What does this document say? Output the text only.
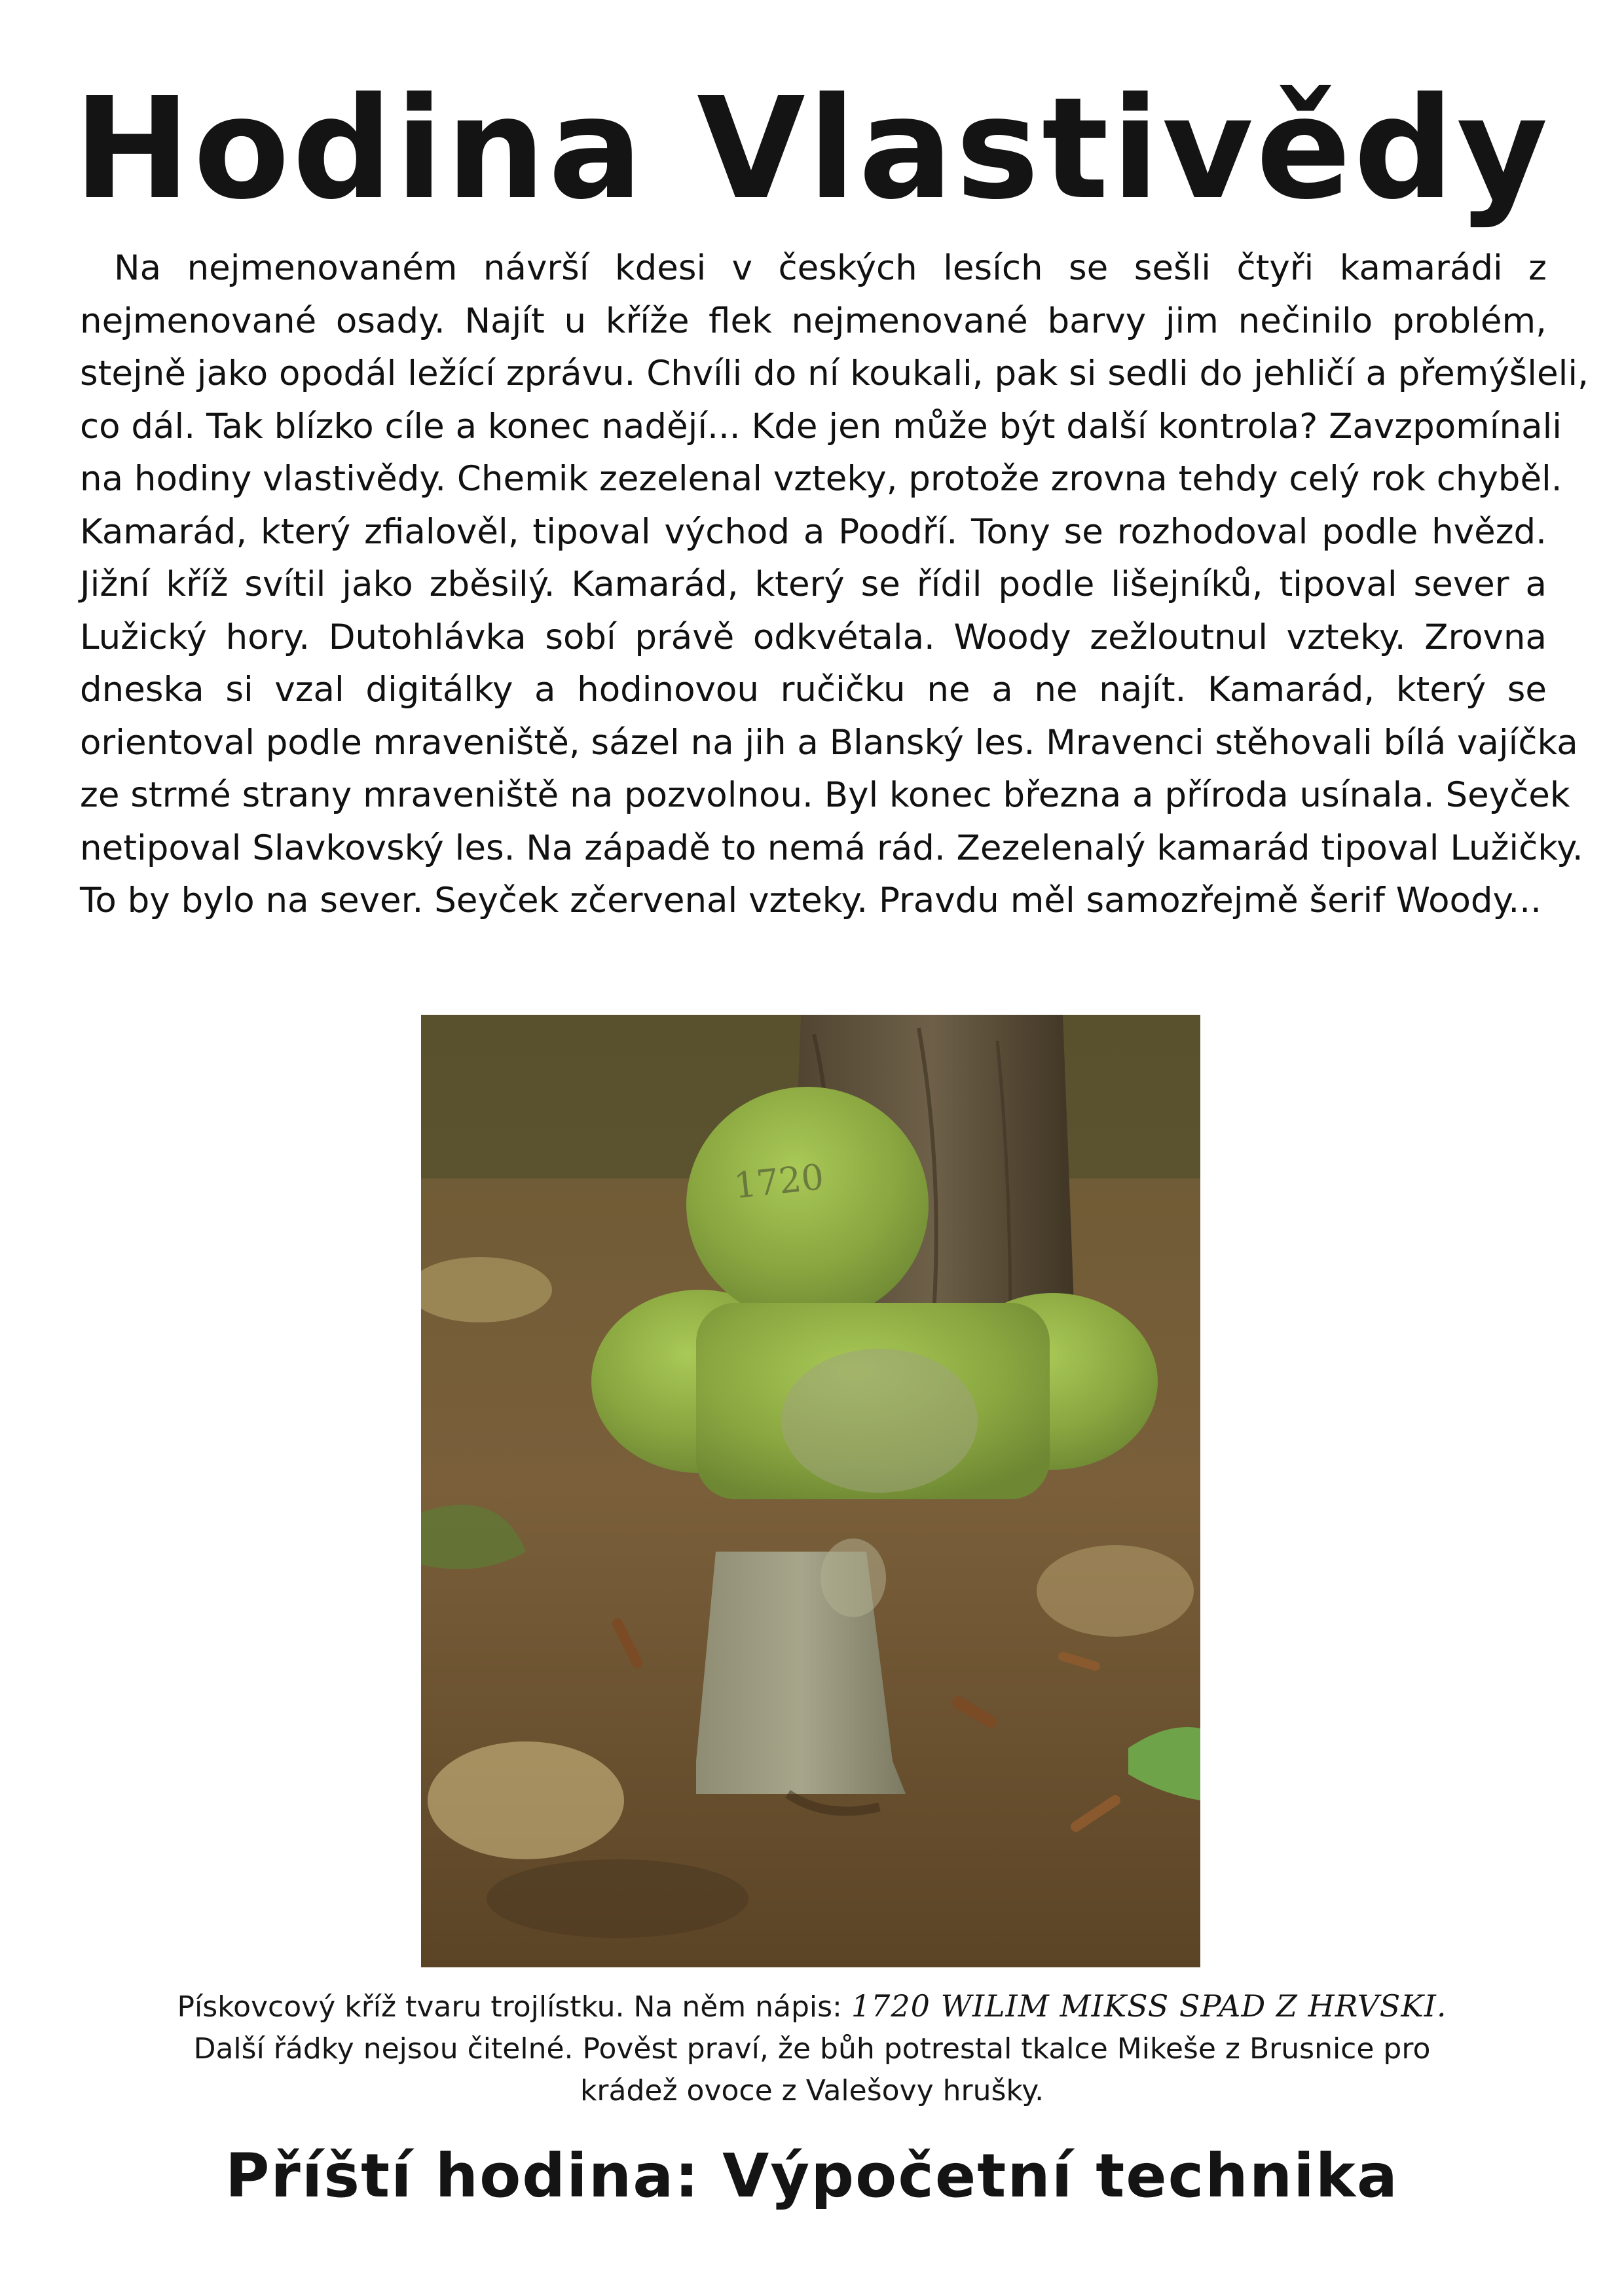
Hodina Vlastivědy
Na nejmenovaném návrší kdesi v českých lesích se sešli čtyři kamarádi z
nejmenované osady. Najít u kříže flek nejmenované barvy jim nečinilo problém,
stejně jako opodál ležící zprávu. Chvíli do ní koukali, pak si sedli do jehličí a přemýšleli,
co dál. Tak blízko cíle a konec nadějí... Kde jen může být další kontrola? Zavzpomínali
na hodiny vlastivědy. Chemik zezelenal vzteky, protože zrovna tehdy celý rok chyběl.
Kamarád, který zfialověl, tipoval východ a Poodří. Tony se rozhodoval podle hvězd.
Jižní kříž svítil jako zběsilý. Kamarád, který se řídil podle lišejníků, tipoval sever a
Lužický hory. Dutohlávka sobí právě odkvétala. Woody zežloutnul vzteky. Zrovna
dneska si vzal digitálky a hodinovou ručičku ne a ne najít. Kamarád, který se
orientoval podle mraveniště, sázel na jih a Blanský les. Mravenci stěhovali bílá vajíčka
ze strmé strany mraveniště na pozvolnou. Byl konec března a příroda usínala. Seyček
netipoval Slavkovský les. Na západě to nemá rád. Zezelenalý kamarád tipoval Lužičky.
To by bylo na sever. Seyček zčervenal vzteky. Pravdu měl samozřejmě šerif Woody...
1720
Pískovcový kříž tvaru trojlístku. Na něm nápis: 1720 WILIM MIKSS SPAD Z HRVSKI.
Další řádky nejsou čitelné. Pověst praví, že bůh potrestal tkalce Mikeše z Brusnice pro
krádež ovoce z Valešovy hrušky.
Příští hodina: Výpočetní technika
